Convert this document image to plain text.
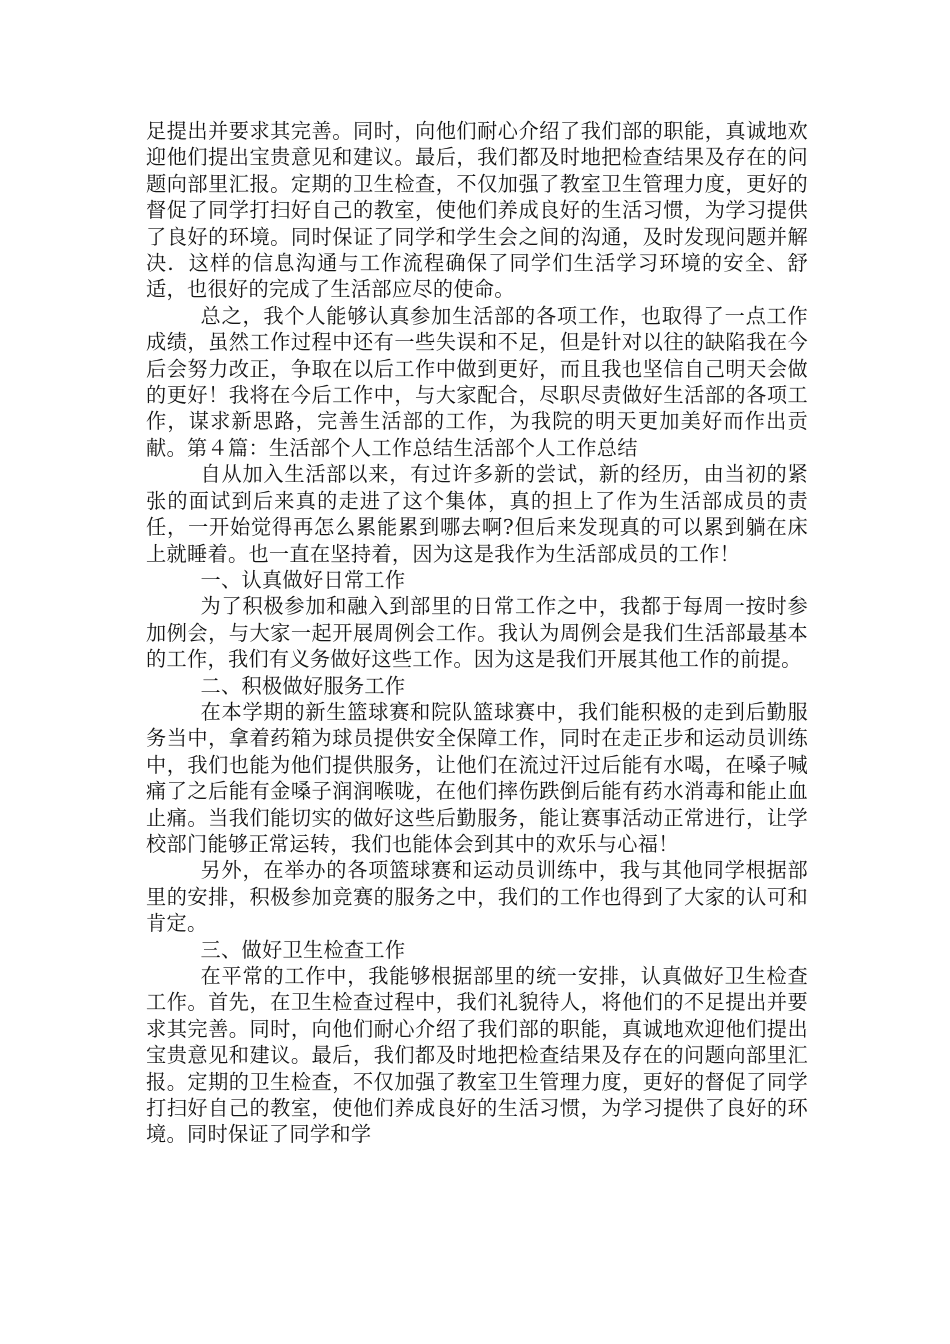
足提出并要求其完善。同时，向他们耐心介绍了我们部的职能，真诚地欢迎他们提出宝贵意见和建议。最后，我们都及时地把检查结果及存在的问题向部里汇报。定期的卫生检查，不仅加强了教室卫生管理力度，更好的督促了同学打扫好自己的教室，使他们养成良好的生活习惯，为学习提供了良好的环境。同时保证了同学和学生会之间的沟通，及时发现问题并解决．这样的信息沟通与工作流程确保了同学们生活学习环境的安全、舒适，也很好的完成了生活部应尽的使命。

总之，我个人能够认真参加生活部的各项工作，也取得了一点工作成绩，虽然工作过程中还有一些失误和不足，但是针对以往的缺陷我在今后会努力改正，争取在以后工作中做到更好，而且我也坚信自己明天会做的更好！我将在今后工作中，与大家配合，尽职尽责做好生活部的各项工作，谋求新思路，完善生活部的工作，为我院的明天更加美好而作出贡献。第４篇：生活部个人工作总结生活部个人工作总结

自从加入生活部以来，有过许多新的尝试，新的经历，由当初的紧张的面试到后来真的走进了这个集体，真的担上了作为生活部成员的责任，一开始觉得再怎么累能累到哪去啊?但后来发现真的可以累到躺在床上就睡着。也一直在坚持着，因为这是我作为生活部成员的工作！

一、认真做好日常工作

为了积极参加和融入到部里的日常工作之中，我都于每周一按时参加例会，与大家一起开展周例会工作。我认为周例会是我们生活部最基本的工作，我们有义务做好这些工作。因为这是我们开展其他工作的前提。

二、积极做好服务工作

在本学期的新生篮球赛和院队篮球赛中，我们能积极的走到后勤服务当中，拿着药箱为球员提供安全保障工作，同时在走正步和运动员训练中，我们也能为他们提供服务，让他们在流过汗过后能有水喝，在嗓子喊痛了之后能有金嗓子润润喉咙，在他们摔伤跌倒后能有药水消毒和能止血止痛。当我们能切实的做好这些后勤服务，能让赛事活动正常进行，让学校部门能够正常运转，我们也能体会到其中的欢乐与心福！

另外，在举办的各项篮球赛和运动员训练中，我与其他同学根据部里的安排，积极参加竞赛的服务之中，我们的工作也得到了大家的认可和肯定。

三、做好卫生检查工作

在平常的工作中，我能够根据部里的统一安排，认真做好卫生检查工作。首先，在卫生检查过程中，我们礼貌待人，将他们的不足提出并要求其完善。同时，向他们耐心介绍了我们部的职能，真诚地欢迎他们提出宝贵意见和建议。最后，我们都及时地把检查结果及存在的问题向部里汇报。定期的卫生检查，不仅加强了教室卫生管理力度，更好的督促了同学打扫好自己的教室，使他们养成良好的生活习惯，为学习提供了良好的环境。同时保证了同学和学
